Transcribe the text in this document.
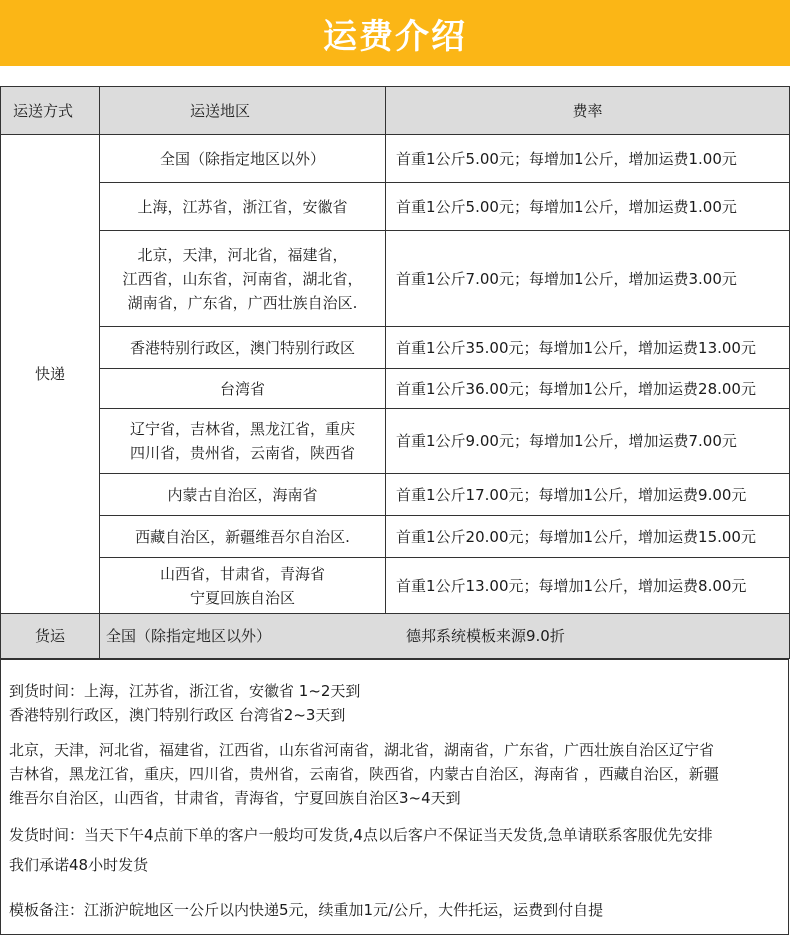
运费介绍
运送方式	运送地区	费率
快递	全国（除指定地区以外）	首重1公斤5.00元；每增加1公斤，增加运费1.00元

	上海，江苏省，浙江省，安徽省	首重1公斤5.00元；每增加1公斤，增加运费1.00元

	北京，天津，河北省，福建省，
江西省，山东省，河南省，湖北省，
湖南省，广东省，广西壮族自治区.	首重1公斤7.00元；每增加1公斤，增加运费3.00元

	香港特别行政区，澳门特别行政区	首重1公斤35.00元；每增加1公斤，增加运费13.00元

	台湾省	首重1公斤36.00元；每增加1公斤，增加运费28.00元

	辽宁省，吉林省，黑龙江省，重庆
四川省，贵州省，云南省，陕西省	首重1公斤9.00元；每增加1公斤，增加运费7.00元

	内蒙古自治区，海南省	首重1公斤17.00元；每增加1公斤，增加运费9.00元

	西藏自治区，新疆维吾尔自治区.	首重1公斤20.00元；每增加1公斤，增加运费15.00元

	山西省，甘肃省，青海省
宁夏回族自治区	首重1公斤13.00元；每增加1公斤，增加运费8.00元
货运	全国（除指定地区以外） 德邦系统模板来源9.0折	
到货时间：上海，江苏省，浙江省，安徽省 1~2天到
香港特别行政区，澳门特别行政区 台湾省2~3天到
北京，天津，河北省，福建省，江西省，山东省河南省，湖北省，湖南省，广东省，广西壮族自治区辽宁省
吉林省，黑龙江省，重庆，四川省，贵州省，云南省，陕西省，内蒙古自治区，海南省 ，西藏自治区，新疆
维吾尔自治区，山西省，甘肃省，青海省，宁夏回族自治区3~4天到
发货时间：当天下午4点前下单的客户一般均可发货,4点以后客户不保证当天发货,急单请联系客服优先安排
我们承诺48小时发货
模板备注：江浙沪皖地区一公斤以内快递5元，续重加1元/公斤，大件托运，运费到付自提
